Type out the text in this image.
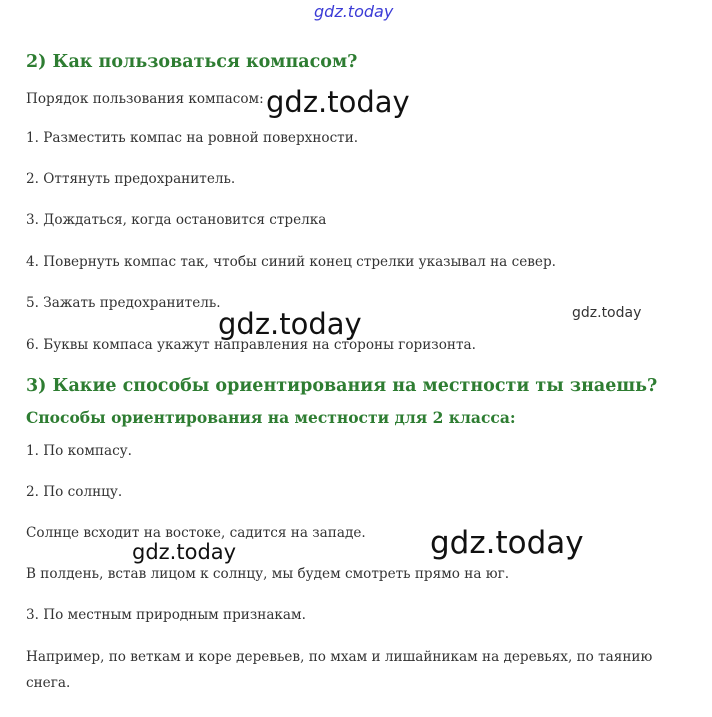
gdz.today
2) Как пользоваться компасом?

Порядок пользования компасом:

1. Разместить компас на ровной поверхности.

2. Оттянуть предохранитель.

3. Дождаться, когда остановится стрелка

4. Повернуть компас так, чтобы синий конец стрелки указывал на север.

5. Зажать предохранитель.

6. Буквы компаса укажут направления на стороны горизонта.

3) Какие способы ориентирования на местности ты знаешь?
Способы ориентирования на местности для 2 класса:

1. По компасу.

2. По солнцу.

Солнце всходит на востоке, садится на западе.

В полдень, встав лицом к солнцу, мы будем смотреть прямо на юг.

3. По местным природным признакам.

Например, по веткам и коре деревьев, по мхам и лишайникам на деревьях, по таянию снега.

gdz.today
gdz.today	gdz.today
gdz.today	gdz.today
